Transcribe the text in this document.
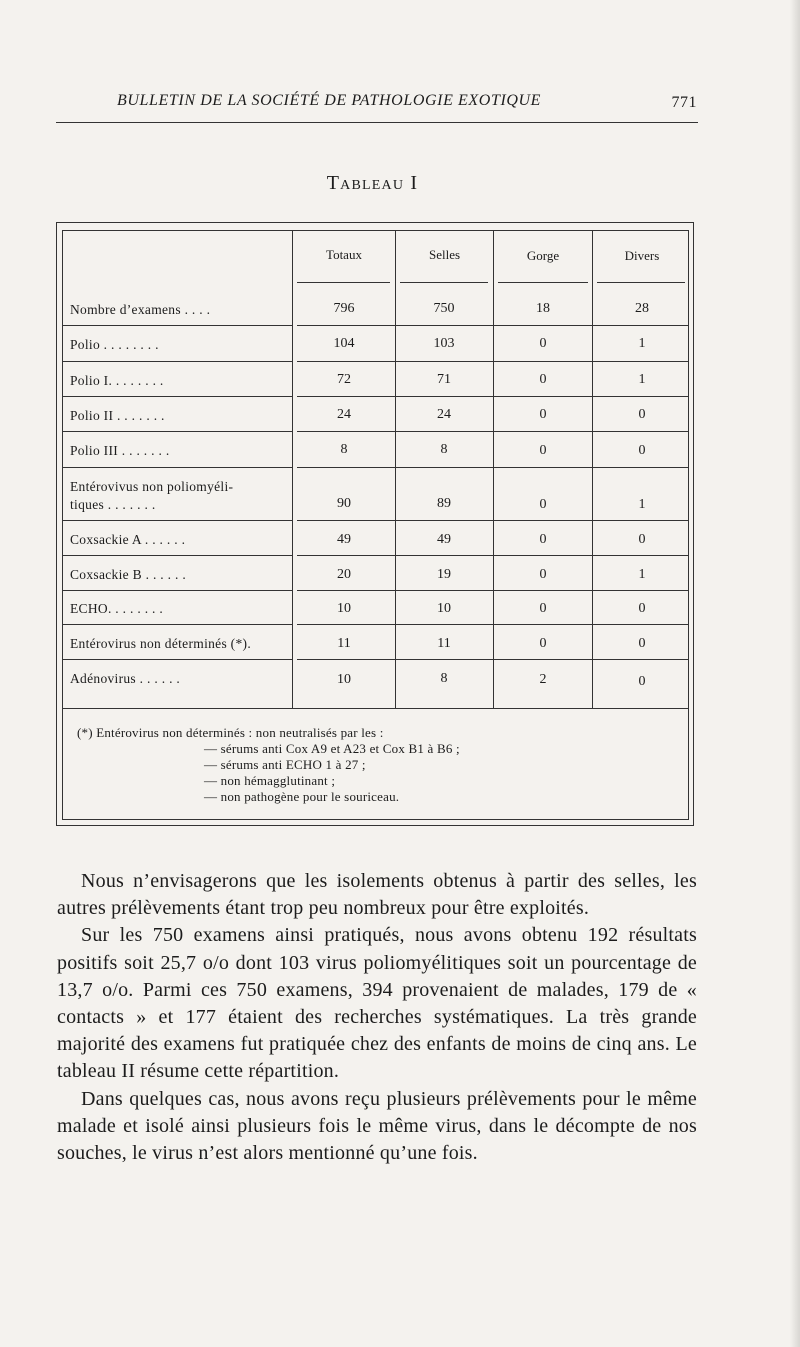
BULLETIN DE LA SOCIÉTÉ DE PATHOLOGIE EXOTIQUE	771
Tableau I
Totaux	Selles	Gorge	Divers
Nombre d’examens . . . .	796	750	18	28
Polio . . . . . . . .	104	103	0	1
Polio I. . . . . . . .	72	71	0	1
Polio II . . . . . . .	24	24	0	0
Polio III . . . . . . .	8	8	0	0
Entérovivus non poliomyéli-
tiques . . . . . . .	90	89	0	1
Coxsackie A . . . . . .	49	49	0	0
Coxsackie B . . . . . .	20	19	0	1
ECHO. . . . . . . .	10	10	0	0
Entérovirus non déterminés (*).	11	11	0	0
Adénovirus . . . . . .	10	8	2	0
(*) Entérovirus non déterminés : non neutralisés par les :
— sérums anti Cox A9 et A23 et Cox B1 à B6 ;
— sérums anti ECHO 1 à 27 ;
— non hémagglutinant ;
— non pathogène pour le souriceau.

Nous n’envisagerons que les isolements obtenus à partir des selles, les autres prélèvements étant trop peu nombreux pour être exploités.

Sur les 750 examens ainsi pratiqués, nous avons obtenu 192 résultats positifs soit 25,7 o/o dont 103 virus poliomyélitiques soit un pourcentage de 13,7 o/o. Parmi ces 750 examens, 394 provenaient de malades, 179 de « contacts » et 177 étaient des recherches systématiques. La très grande majorité des examens fut pratiquée chez des enfants de moins de cinq ans. Le tableau II résume cette répartition.

Dans quelques cas, nous avons reçu plusieurs prélèvements pour le même malade et isolé ainsi plusieurs fois le même virus, dans le décompte de nos souches, le virus n’est alors mentionné qu’une fois.
